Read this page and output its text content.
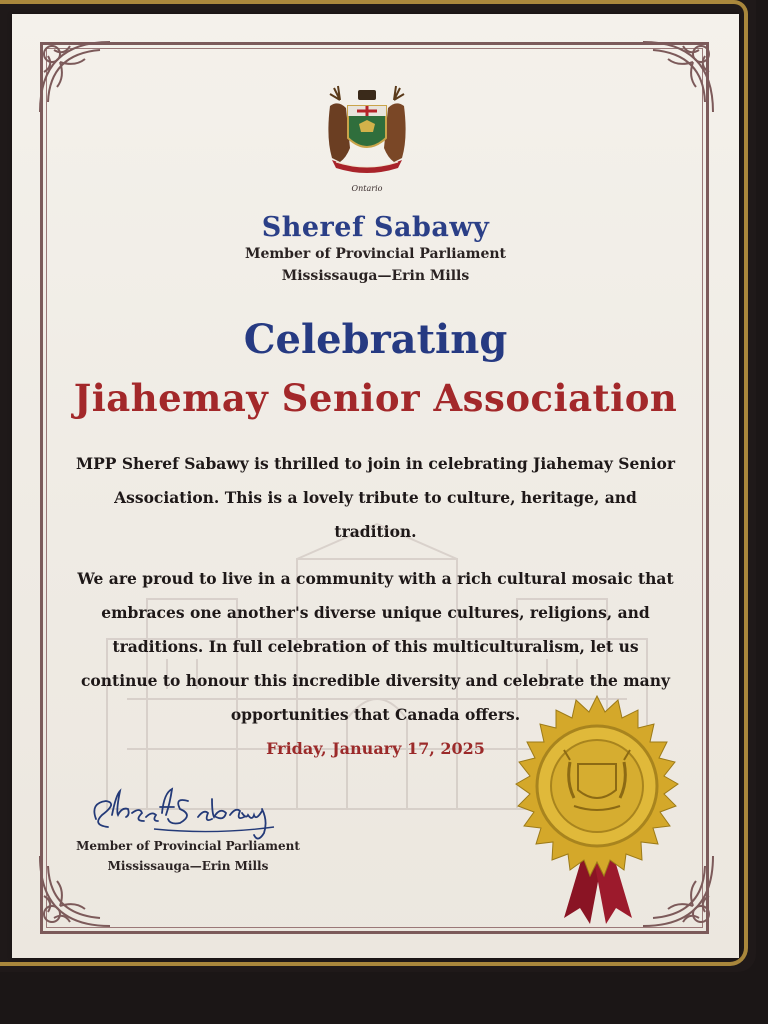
Ontario
Sheref Sabawy
Member of Provincial Parliament
Mississauga—Erin Mills
Celebrating
Jiahemay Senior Association
MPP Sheref Sabawy is thrilled to join in celebrating Jiahemay Senior Association. This is a lovely tribute to culture, heritage, and tradition.
We are proud to live in a community with a rich cultural mosaic that embraces one another's diverse unique cultures, religions, and traditions. In full celebration of this multiculturalism, let us continue to honour this incredible diversity and celebrate the many opportunities that Canada offers.
Friday, January 17, 2025
Member of Provincial Parliament
Mississauga—Erin Mills
